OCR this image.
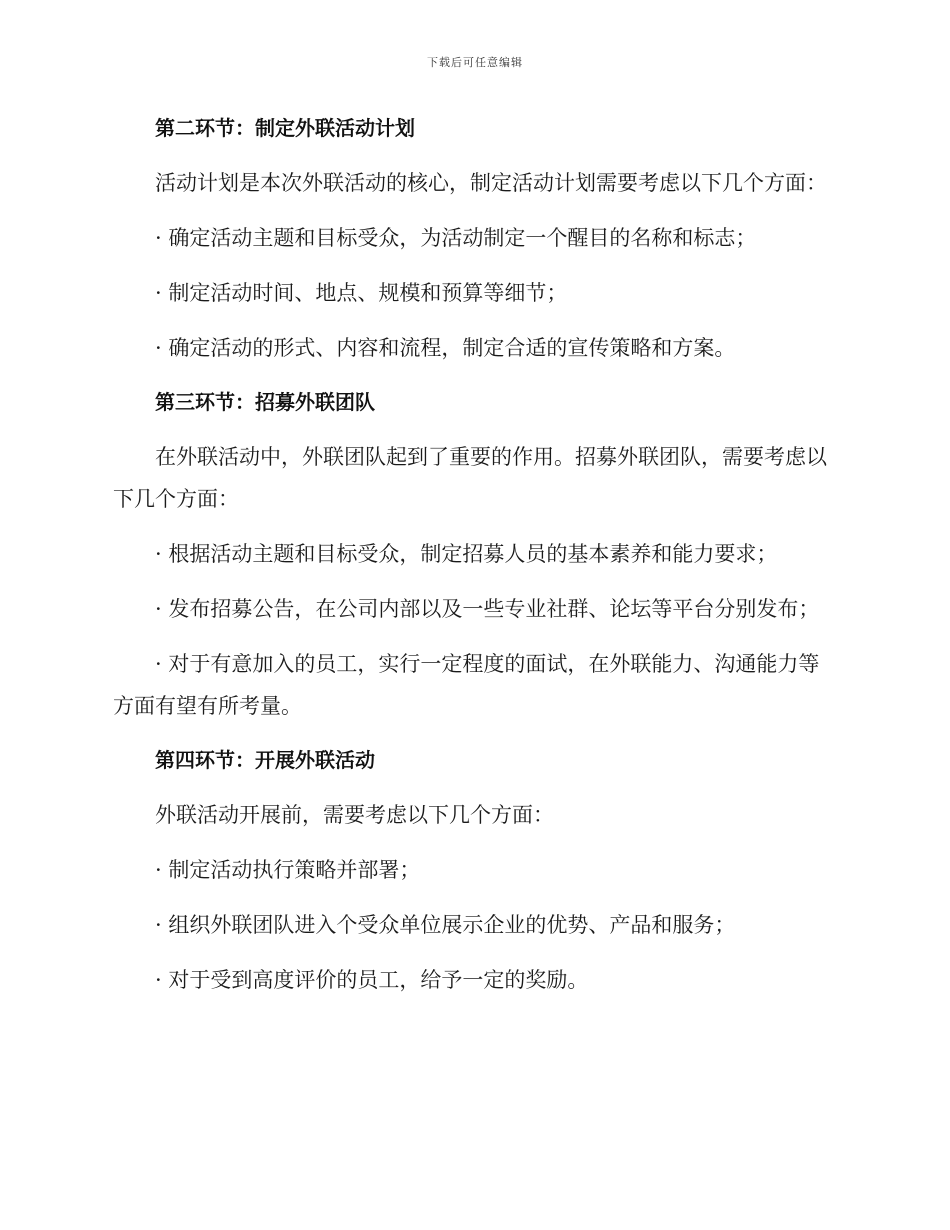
下载后可任意编辑
第二环节：制定外联活动计划

活动计划是本次外联活动的核心，制定活动计划需要考虑以下几个方面：

· 确定活动主题和目标受众，为活动制定一个醒目的名称和标志；

· 制定活动时间、地点、规模和预算等细节；

· 确定活动的形式、内容和流程，制定合适的宣传策略和方案。

第三环节：招募外联团队

在外联活动中，外联团队起到了重要的作用。招募外联团队，需要考虑以下几个方面：

· 根据活动主题和目标受众，制定招募人员的基本素养和能力要求；

· 发布招募公告，在公司内部以及一些专业社群、论坛等平台分别发布；

· 对于有意加入的员工，实行一定程度的面试，在外联能力、沟通能力等方面有望有所考量。

第四环节：开展外联活动

外联活动开展前，需要考虑以下几个方面：

· 制定活动执行策略并部署；

· 组织外联团队进入个受众单位展示企业的优势、产品和服务；

· 对于受到高度评价的员工，给予一定的奖励。
